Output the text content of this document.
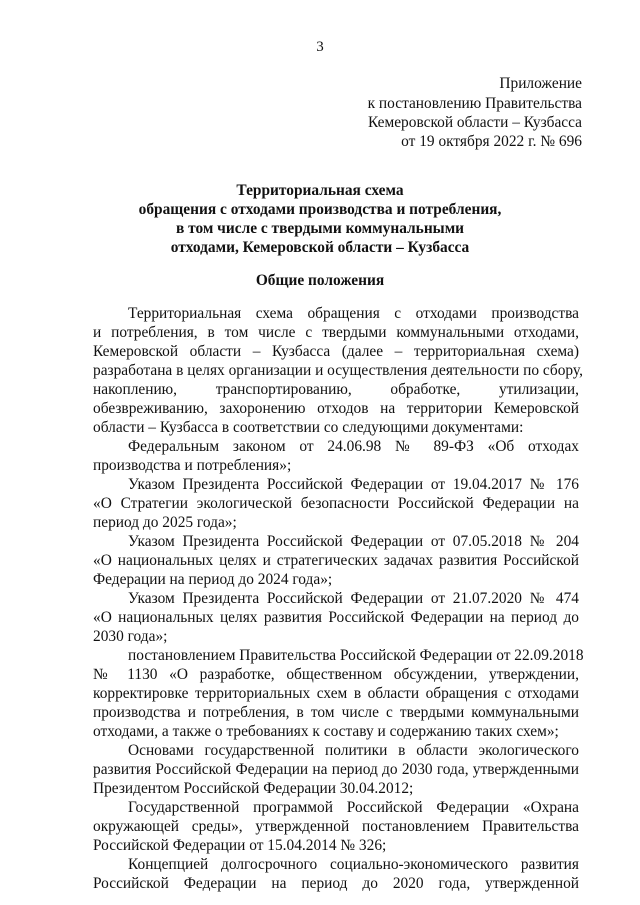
3
Приложение
к постановлению Правительства
Кемеровской области – Кузбасса
от 19 октября 2022 г. № 696
Территориальная схема
обращения с отходами производства и потребления,
в том числе с твердыми коммунальными
отходами, Кемеровской области – Кузбасса
Общие положения
Территориальная схема обращения с отходами производства
и потребления, в том числе с твердыми коммунальными отходами,
Кемеровской области – Кузбасса (далее – территориальная схема)
разработана в целях организации и осуществления деятельности по сбору,
накоплению, транспортированию, обработке, утилизации,
обезвреживанию, захоронению отходов на территории Кемеровской
области – Кузбасса в соответствии со следующими документами:
Федеральным законом от 24.06.98 № 89-ФЗ «Об отходах
производства и потребления»;
Указом Президента Российской Федерации от 19.04.2017 № 176
«О Стратегии экологической безопасности Российской Федерации на
период до 2025 года»;
Указом Президента Российской Федерации от 07.05.2018 № 204
«О национальных целях и стратегических задачах развития Российской
Федерации на период до 2024 года»;
Указом Президента Российской Федерации от 21.07.2020 № 474
«О национальных целях развития Российской Федерации на период до
2030 года»;
постановлением Правительства Российской Федерации от 22.09.2018
№ 1130 «О разработке, общественном обсуждении, утверждении,
корректировке территориальных схем в области обращения с отходами
производства и потребления, в том числе с твердыми коммунальными
отходами, а также о требованиях к составу и содержанию таких схем»;
Основами государственной политики в области экологического
развития Российской Федерации на период до 2030 года, утвержденными
Президентом Российской Федерации 30.04.2012;
Государственной программой Российской Федерации «Охрана
окружающей среды», утвержденной постановлением Правительства
Российской Федерации от 15.04.2014 № 326;
Концепцией долгосрочного социально-экономического развития
Российской Федерации на период до 2020 года, утвержденной
